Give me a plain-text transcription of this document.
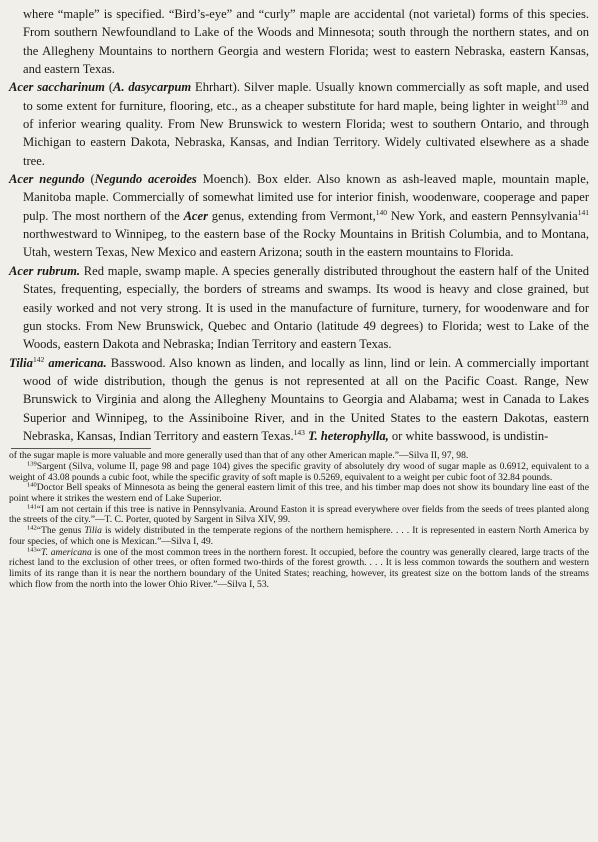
where “maple” is specified. “Bird’s-eye” and “curly” maple are accidental (not varietal) forms of this species. From southern Newfoundland to Lake of the Woods and Minnesota; south through the northern states, and on the Allegheny Mountains to northern Georgia and western Florida; west to eastern Nebraska, eastern Kansas, and eastern Texas.

Acer saccharinum (A. dasycarpum Ehrhart). Silver maple. Usually known commercially as soft maple, and used to some extent for furniture, flooring, etc., as a cheaper substitute for hard maple, being lighter in weight$^{139}$ and of inferior wearing quality. From New Brunswick to western Florida; west to southern Ontario, and through Michigan to eastern Dakota, Nebraska, Kansas, and Indian Territory. Widely cultivated elsewhere as a shade tree.

Acer negundo (Negundo aceroides Moench). Box elder. Also known as ash-leaved maple, mountain maple, Manitoba maple. Commercially of somewhat limited use for interior finish, woodenware, cooperage and paper pulp. The most northern of the Acer genus, extending from Vermont,$^{140}$ New York, and eastern Pennsylvania$^{141}$ northwestward to Winnipeg, to the eastern base of the Rocky Mountains in British Columbia, and to Montana, Utah, western Texas, New Mexico and eastern Arizona; south in the eastern mountains to Florida.

Acer rubrum. Red maple, swamp maple. A species generally distributed throughout the eastern half of the United States, frequenting, especially, the borders of streams and swamps. Its wood is heavy and close grained, but easily worked and not very strong. It is used in the manufacture of furniture, turnery, for woodenware and for gun stocks. From New Brunswick, Quebec and Ontario (latitude 49 degrees) to Florida; west to Lake of the Woods, eastern Dakota and Nebraska; Indian Territory and eastern Texas.

Tilia$^{142}$ americana. Basswood. Also known as linden, and locally as linn, lind or lein. A commercially important wood of wide distribution, though the genus is not represented at all on the Pacific Coast. Range, New Brunswick to Virginia and along the Allegheny Mountains to Georgia and Alabama; west in Canada to Lakes Superior and Winnipeg, to the Assiniboine River, and in the United States to the eastern Dakotas, eastern Nebraska, Kansas, Indian Territory and eastern Texas.$^{143}$ T. heterophylla, or white basswood, is undistin-

of the sugar maple is more valuable and more generally used than that of any other American maple.”—Silva II, 97, 98.

$^{139}$Sargent (Silva, volume II, page 98 and page 104) gives the specific gravity of absolutely dry wood of sugar maple as 0.6912, equivalent to a weight of 43.08 pounds a cubic foot, while the specific gravity of soft maple is 0.5269, equivalent to a weight per cubic foot of 32.84 pounds.

$^{140}$Doctor Bell speaks of Minnesota as being the general eastern limit of this tree, and his timber map does not show its boundary line east of the point where it strikes the western end of Lake Superior.

$^{141}$“I am not certain if this tree is native in Pennsylvania. Around Easton it is spread everywhere over fields from the seeds of trees planted along the streets of the city.”—T. C. Porter, quoted by Sargent in Silva XIV, 99.

$^{142}$“The genus Tilia is widely distributed in the temperate regions of the northern hemisphere. . . . It is represented in eastern North America by four species, of which one is Mexican.”—Silva I, 49.

$^{143}$“T. americana is one of the most common trees in the northern forest. It occupied, before the country was generally cleared, large tracts of the richest land to the exclusion of other trees, or often formed two-thirds of the forest growth. . . . It is less common towards the southern and western limits of its range than it is near the northern boundary of the United States; reaching, however, its greatest size on the bottom lands of the streams which flow from the north into the lower Ohio River.”—Silva I, 53.
